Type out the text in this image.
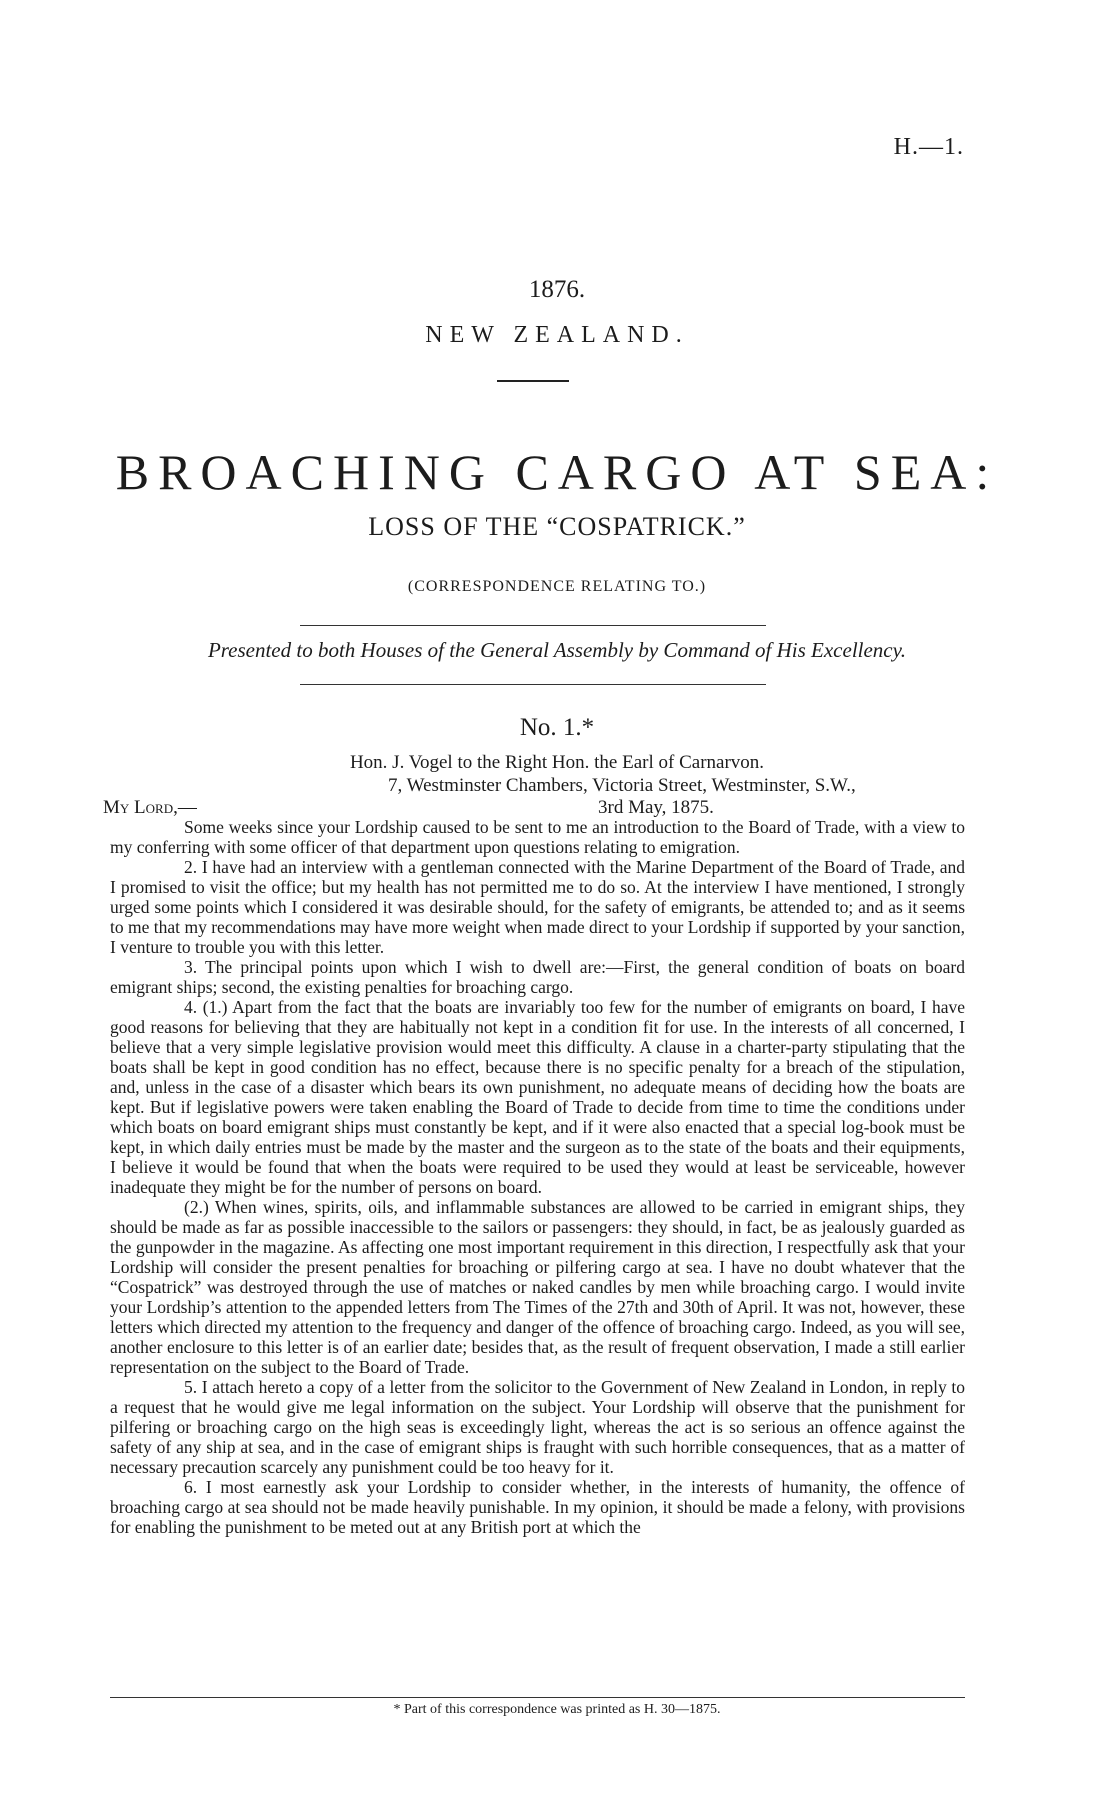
H.—1.
1876.
NEW ZEALAND.
BROACHING CARGO AT SEA:
LOSS OF THE “COSPATRICK.”
(CORRESPONDENCE RELATING TO.)
Presented to both Houses of the General Assembly by Command of His Excellency.
No. 1.*
Hon. J. Vogel to the Right Hon. the Earl of Carnarvon.
7, Westminster Chambers, Victoria Street, Westminster, S.W.,
My Lord,—	3rd May, 1875.

Some weeks since your Lordship caused to be sent to me an introduction to the Board of Trade, with a view to my conferring with some officer of that department upon questions relating to emigration.

2. I have had an interview with a gentleman connected with the Marine Department of the Board of Trade, and I promised to visit the office; but my health has not permitted me to do so. At the interview I have mentioned, I strongly urged some points which I considered it was desirable should, for the safety of emigrants, be attended to; and as it seems to me that my recommendations may have more weight when made direct to your Lordship if supported by your sanction, I venture to trouble you with this letter.

3. The principal points upon which I wish to dwell are:—First, the general condition of boats on board emigrant ships; second, the existing penalties for broaching cargo.

4. (1.) Apart from the fact that the boats are invariably too few for the number of emigrants on board, I have good reasons for believing that they are habitually not kept in a condition fit for use. In the interests of all concerned, I believe that a very simple legislative provision would meet this difficulty. A clause in a charter-party stipulating that the boats shall be kept in good condition has no effect, because there is no specific penalty for a breach of the stipulation, and, unless in the case of a disaster which bears its own punishment, no adequate means of deciding how the boats are kept. But if legislative powers were taken enabling the Board of Trade to decide from time to time the conditions under which boats on board emigrant ships must constantly be kept, and if it were also enacted that a special log-book must be kept, in which daily entries must be made by the master and the surgeon as to the state of the boats and their equipments, I believe it would be found that when the boats were required to be used they would at least be serviceable, however inadequate they might be for the number of persons on board.

(2.) When wines, spirits, oils, and inflammable substances are allowed to be carried in emigrant ships, they should be made as far as possible inaccessible to the sailors or passengers: they should, in fact, be as jealously guarded as the gunpowder in the magazine. As affecting one most important requirement in this direction, I respectfully ask that your Lordship will consider the present penalties for broaching or pilfering cargo at sea. I have no doubt whatever that the “Cospatrick” was destroyed through the use of matches or naked candles by men while broaching cargo. I would invite your Lordship’s attention to the appended letters from The Times of the 27th and 30th of April. It was not, however, these letters which directed my attention to the frequency and danger of the offence of broaching cargo. Indeed, as you will see, another enclosure to this letter is of an earlier date; besides that, as the result of frequent observation, I made a still earlier representation on the subject to the Board of Trade.

5. I attach hereto a copy of a letter from the solicitor to the Government of New Zealand in London, in reply to a request that he would give me legal information on the subject. Your Lordship will observe that the punishment for pilfering or broaching cargo on the high seas is exceedingly light, whereas the act is so serious an offence against the safety of any ship at sea, and in the case of emigrant ships is fraught with such horrible consequences, that as a matter of necessary precaution scarcely any punishment could be too heavy for it.

6. I most earnestly ask your Lordship to consider whether, in the interests of humanity, the offence of broaching cargo at sea should not be made heavily punishable. In my opinion, it should be made a felony, with provisions for enabling the punishment to be meted out at any British port at which the

* Part of this correspondence was printed as H. 30—1875.
